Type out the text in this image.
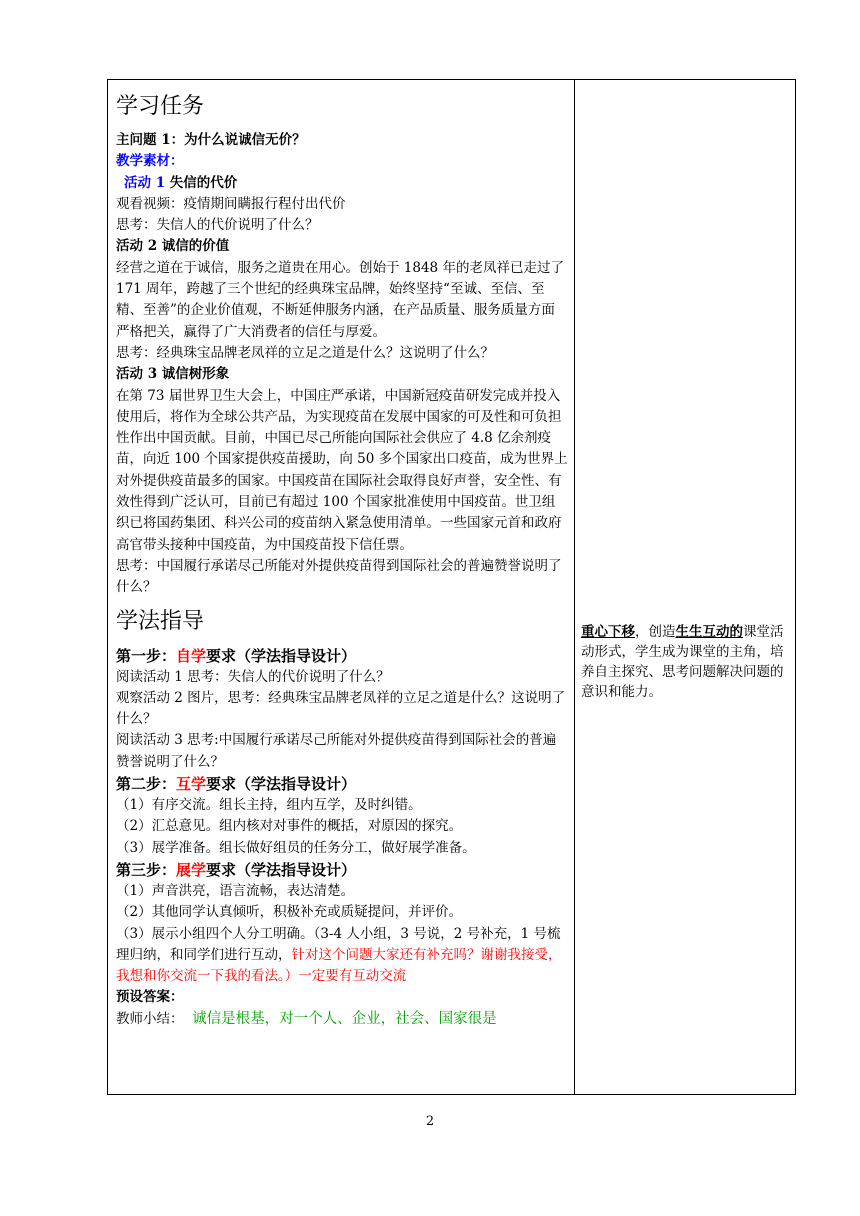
学习任务

主问题 1：为什么说诚信无价？

教学素材：

活动 1 失信的代价

观看视频：疫情期间瞒报行程付出代价

思考：失信人的代价说明了什么？

活动 2 诚信的价值

经营之道在于诚信，服务之道贵在用心。创始于 1848 年的老凤祥已走过了 171 周年，跨越了三个世纪的经典珠宝品牌，始终坚持“至诚、至信、至精、至善”的企业价值观，不断延伸服务内涵，在产品质量、服务质量方面严格把关，赢得了广大消费者的信任与厚爱。

思考：经典珠宝品牌老凤祥的立足之道是什么？这说明了什么？

活动 3 诚信树形象

在第 73 届世界卫生大会上，中国庄严承诺，中国新冠疫苗研发完成并投入使用后，将作为全球公共产品，为实现疫苗在发展中国家的可及性和可负担性作出中国贡献。目前，中国已尽己所能向国际社会供应了 4.8 亿余剂疫苗，向近 100 个国家提供疫苗援助，向 50 多个国家出口疫苗，成为世界上对外提供疫苗最多的国家。中国疫苗在国际社会取得良好声誉，安全性、有效性得到广泛认可，目前已有超过 100 个国家批准使用中国疫苗。世卫组织已将国药集团、科兴公司的疫苗纳入紧急使用清单。一些国家元首和政府高官带头接种中国疫苗，为中国疫苗投下信任票。

思考：中国履行承诺尽己所能对外提供疫苗得到国际社会的普遍赞誉说明了什么？

学法指导

第一步：自学要求（学法指导设计）

阅读活动 1 思考：失信人的代价说明了什么？

观察活动 2 图片，思考：经典珠宝品牌老凤祥的立足之道是什么？这说明了什么？

阅读活动 3 思考:中国履行承诺尽己所能对外提供疫苗得到国际社会的普遍赞誉说明了什么？

第二步：互学要求（学法指导设计）

（1）有序交流。组长主持，组内互学，及时纠错。

（2）汇总意见。组内核对对事件的概括，对原因的探究。

（3）展学准备。组长做好组员的任务分工，做好展学准备。

第三步：展学要求（学法指导设计）

（1）声音洪亮，语言流畅，表达清楚。

（2）其他同学认真倾听，积极补充或质疑提问，并评价。

（3）展示小组四个人分工明确。（3-4 人小组，3 号说，2 号补充，1 号梳理归纳，和同学们进行互动，针对这个问题大家还有补充吗？谢谢我接受，我想和你交流一下我的看法。）一定要有互动交流

预设答案：

教师小结： 诚信是根基，对一个人、企业，社会、国家很是

重心下移，创造生生互动的课堂活动形式，学生成为课堂的主角，培养自主探究、思考问题解决问题的意识和能力。

2
